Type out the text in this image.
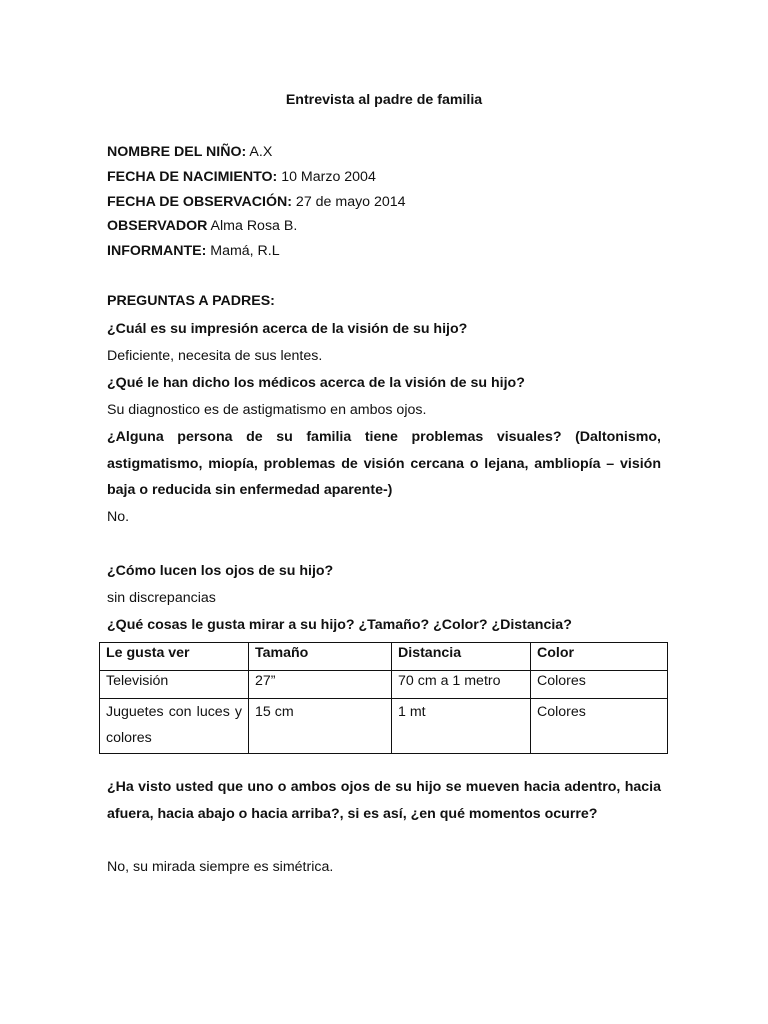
Entrevista al padre de familia
NOMBRE DEL NIÑO: A.X
FECHA DE NACIMIENTO: 10 Marzo 2004
FECHA DE OBSERVACIÓN: 27 de mayo 2014
OBSERVADOR Alma Rosa B.
INFORMANTE: Mamá, R.L
PREGUNTAS A PADRES:
¿Cuál es su impresión acerca de la visión de su hijo?
Deficiente, necesita de sus lentes.
¿Qué le han dicho los médicos acerca de la visión de su hijo?
Su diagnostico es de astigmatismo en ambos ojos.
¿Alguna persona de su familia tiene problemas visuales? (Daltonismo, astigmatismo, miopía, problemas de visión cercana o lejana, ambliopía – visión baja o reducida sin enfermedad aparente-)
No.
¿Cómo lucen los ojos de su hijo?
sin discrepancias
¿Qué cosas le gusta mirar a su hijo? ¿Tamaño? ¿Color? ¿Distancia?
Le gusta ver	Tamaño	Distancia	Color
Televisión	27”	70 cm a 1 metro	Colores
Juguetes con luces y colores	15 cm	1 mt	Colores
¿Ha visto usted que uno o ambos ojos de su hijo se mueven hacia adentro, hacia afuera, hacia abajo o hacia arriba?, si es así, ¿en qué momentos ocurre?
No, su mirada siempre es simétrica.
